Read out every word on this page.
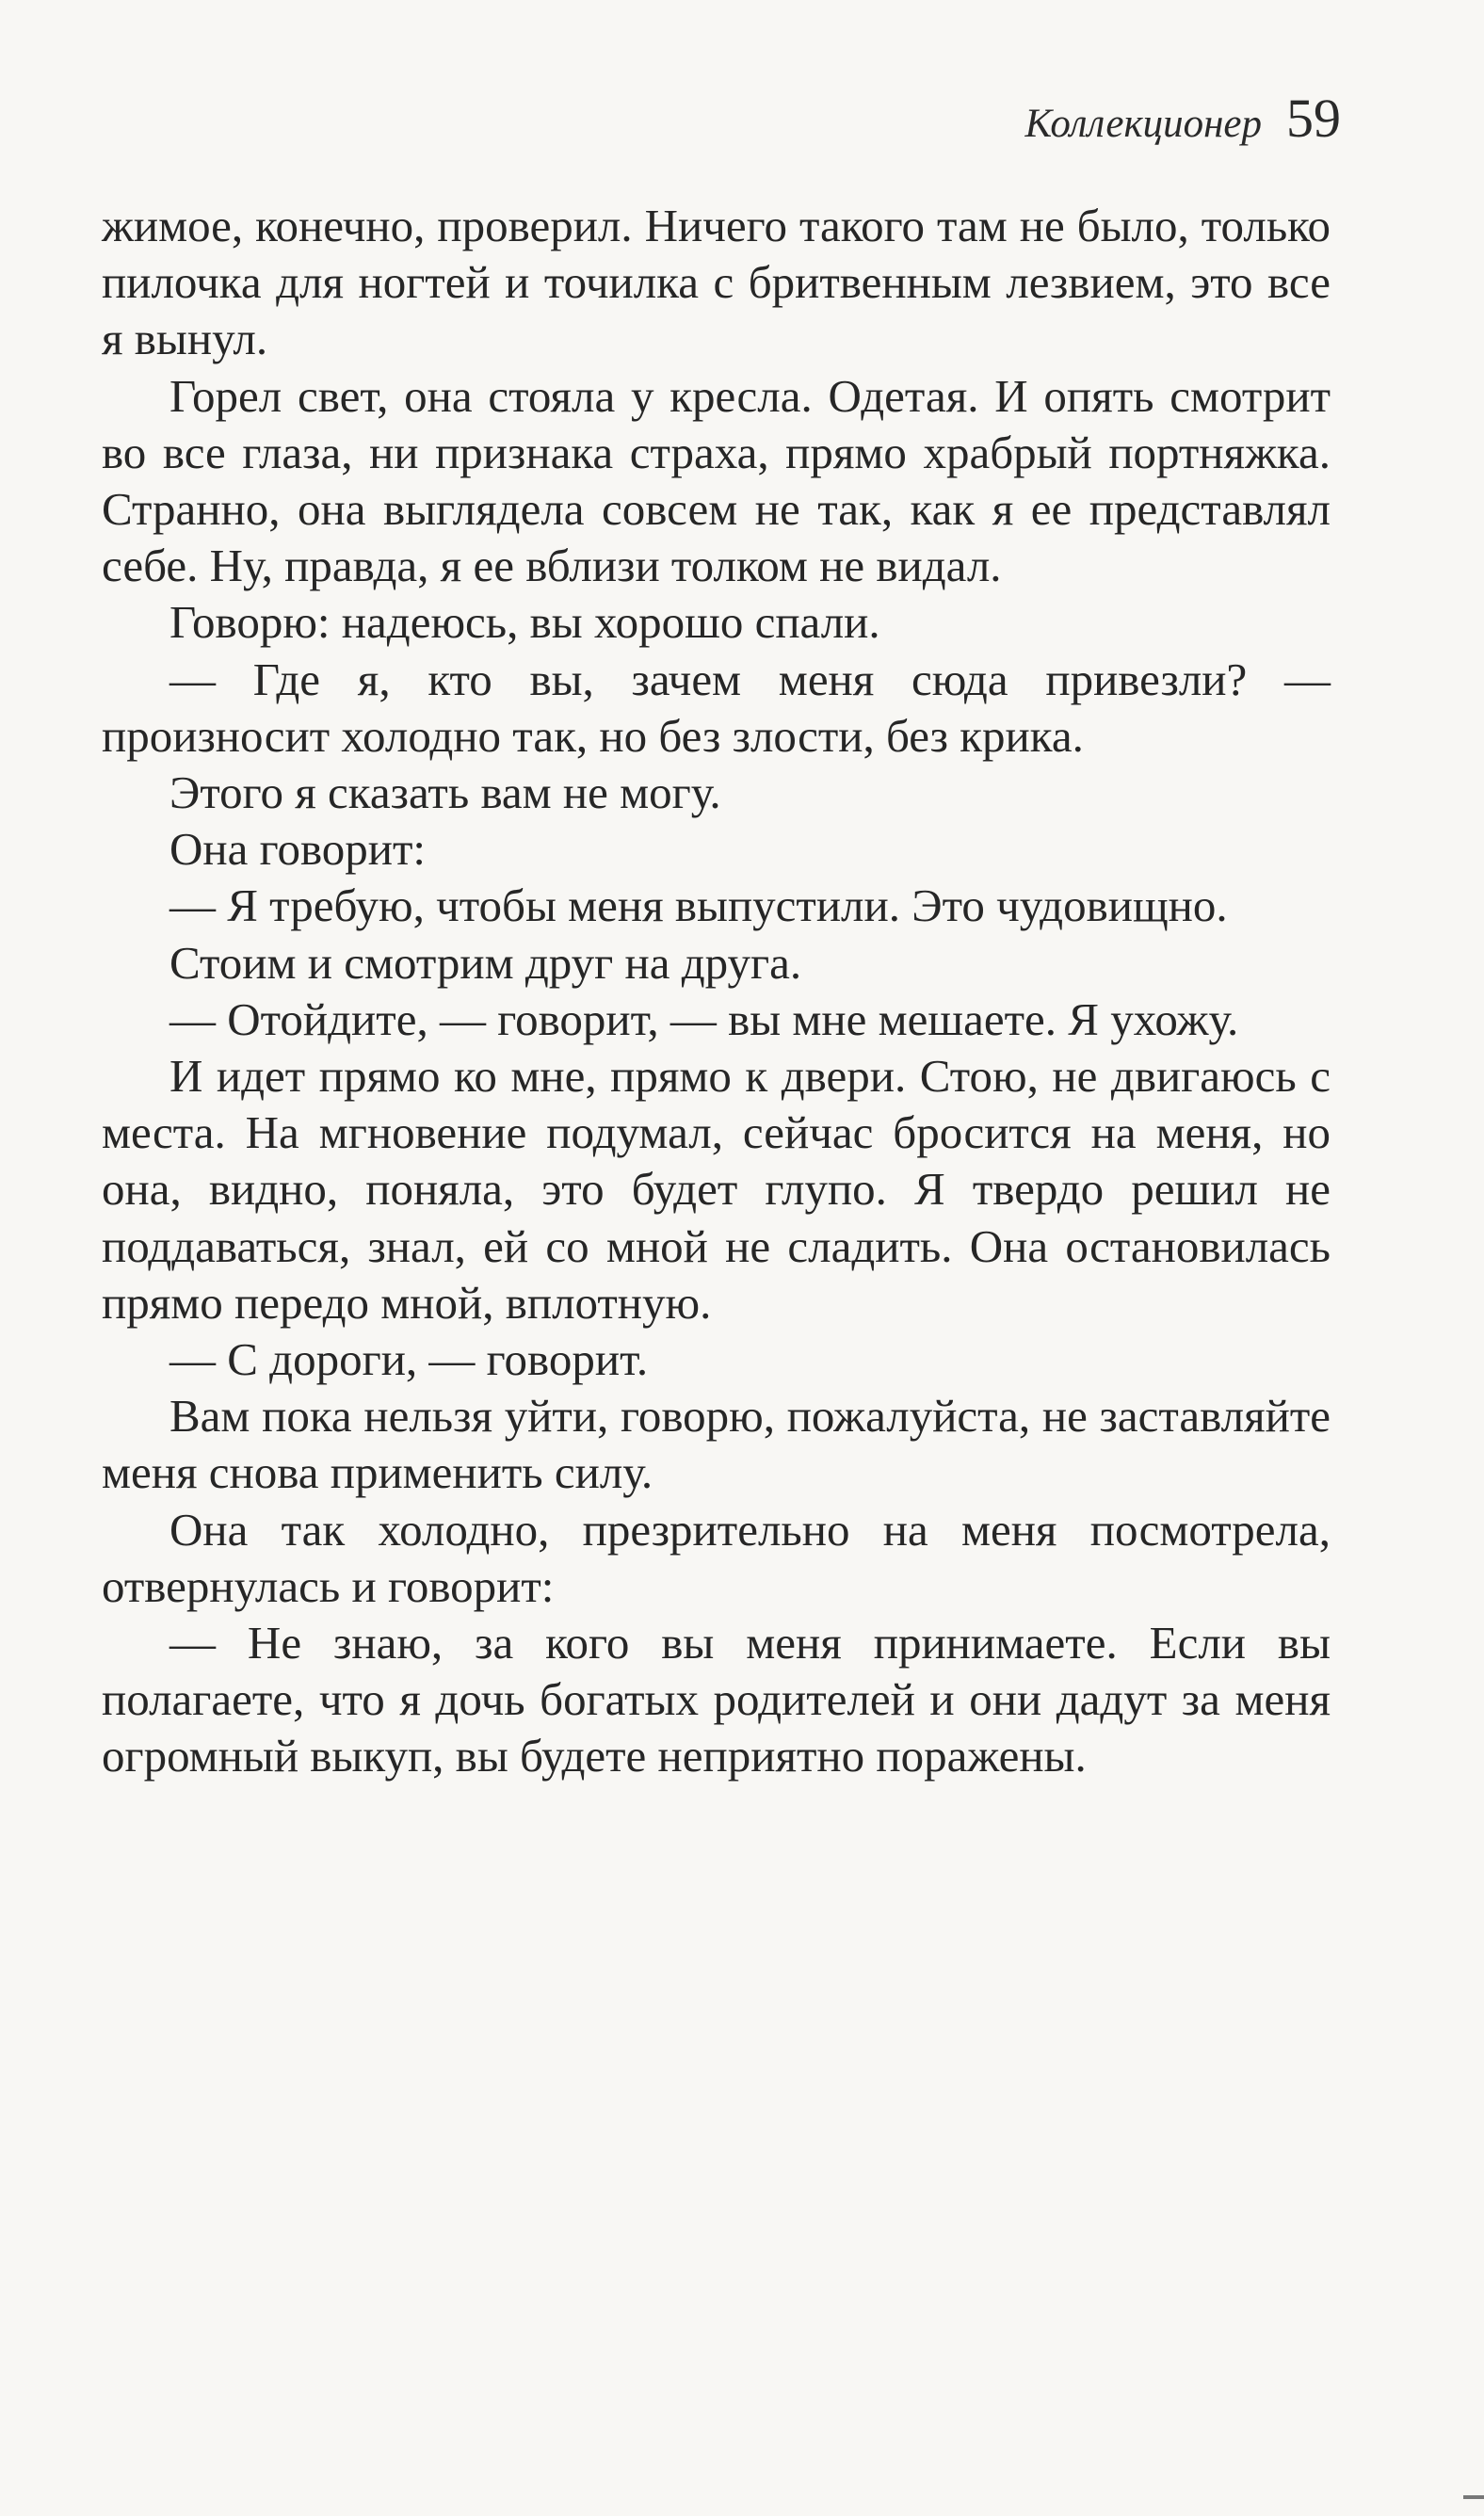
Коллекционер 59

жимое, конечно, проверил. Ничего такого там не было, только пилочка для ногтей и точилка с бритвенным лезвием, это все я вынул.

Горел свет, она стояла у кресла. Одетая. И опять смотрит во все глаза, ни признака страха, прямо храбрый портняжка. Странно, она выглядела совсем не так, как я ее представлял себе. Ну, правда, я ее вблизи толком не видал.

Говорю: надеюсь, вы хорошо спали.

— Где я, кто вы, зачем меня сюда привезли? — произносит холодно так, но без злости, без крика.

Этого я сказать вам не могу.

Она говорит:

— Я требую, чтобы меня выпустили. Это чудовищно.

Стоим и смотрим друг на друга.

— Отойдите, — говорит, — вы мне мешаете. Я ухожу.

И идет прямо ко мне, прямо к двери. Стою, не двигаюсь с места. На мгновение подумал, сейчас бросится на меня, но она, видно, поняла, это будет глупо. Я твердо решил не поддаваться, знал, ей со мной не сладить. Она остановилась прямо передо мной, вплотную.

— С дороги, — говорит.

Вам пока нельзя уйти, говорю, пожалуйста, не заставляйте меня снова применить силу.

Она так холодно, презрительно на меня посмотрела, отвернулась и говорит:

— Не знаю, за кого вы меня принимаете. Если вы полагаете, что я дочь богатых родителей и они дадут за меня огромный выкуп, вы будете неприятно поражены.
